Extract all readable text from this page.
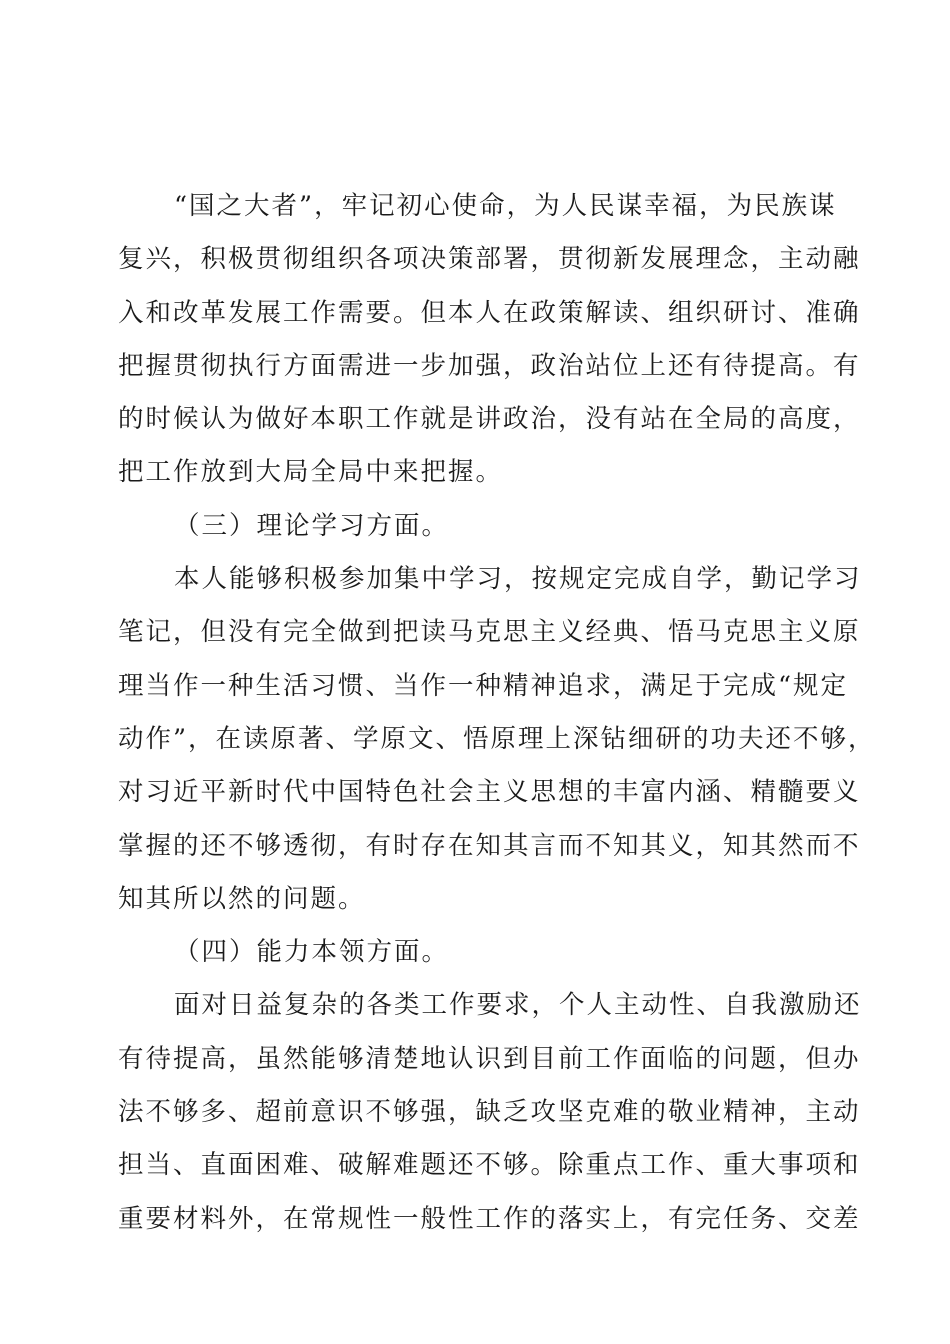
“国之大者”，牢记初心使命，为人民谋幸福，为民族谋
复兴，积极贯彻组织各项决策部署，贯彻新发展理念，主动融
入和改革发展工作需要。但本人在政策解读、组织研讨、准确
把握贯彻执行方面需进一步加强，政治站位上还有待提高。有
的时候认为做好本职工作就是讲政治，没有站在全局的高度，
把工作放到大局全局中来把握。
（三）理论学习方面。
本人能够积极参加集中学习，按规定完成自学，勤记学习
笔记，但没有完全做到把读马克思主义经典、悟马克思主义原
理当作一种生活习惯、当作一种精神追求，满足于完成“规定
动作”，在读原著、学原文、悟原理上深钻细研的功夫还不够，
对习近平新时代中国特色社会主义思想的丰富内涵、精髓要义
掌握的还不够透彻，有时存在知其言而不知其义，知其然而不
知其所以然的问题。
（四）能力本领方面。
面对日益复杂的各类工作要求，个人主动性、自我激励还
有待提高，虽然能够清楚地认识到目前工作面临的问题，但办
法不够多、超前意识不够强，缺乏攻坚克难的敬业精神，主动
担当、直面困难、破解难题还不够。除重点工作、重大事项和
重要材料外，在常规性一般性工作的落实上，有完任务、交差
